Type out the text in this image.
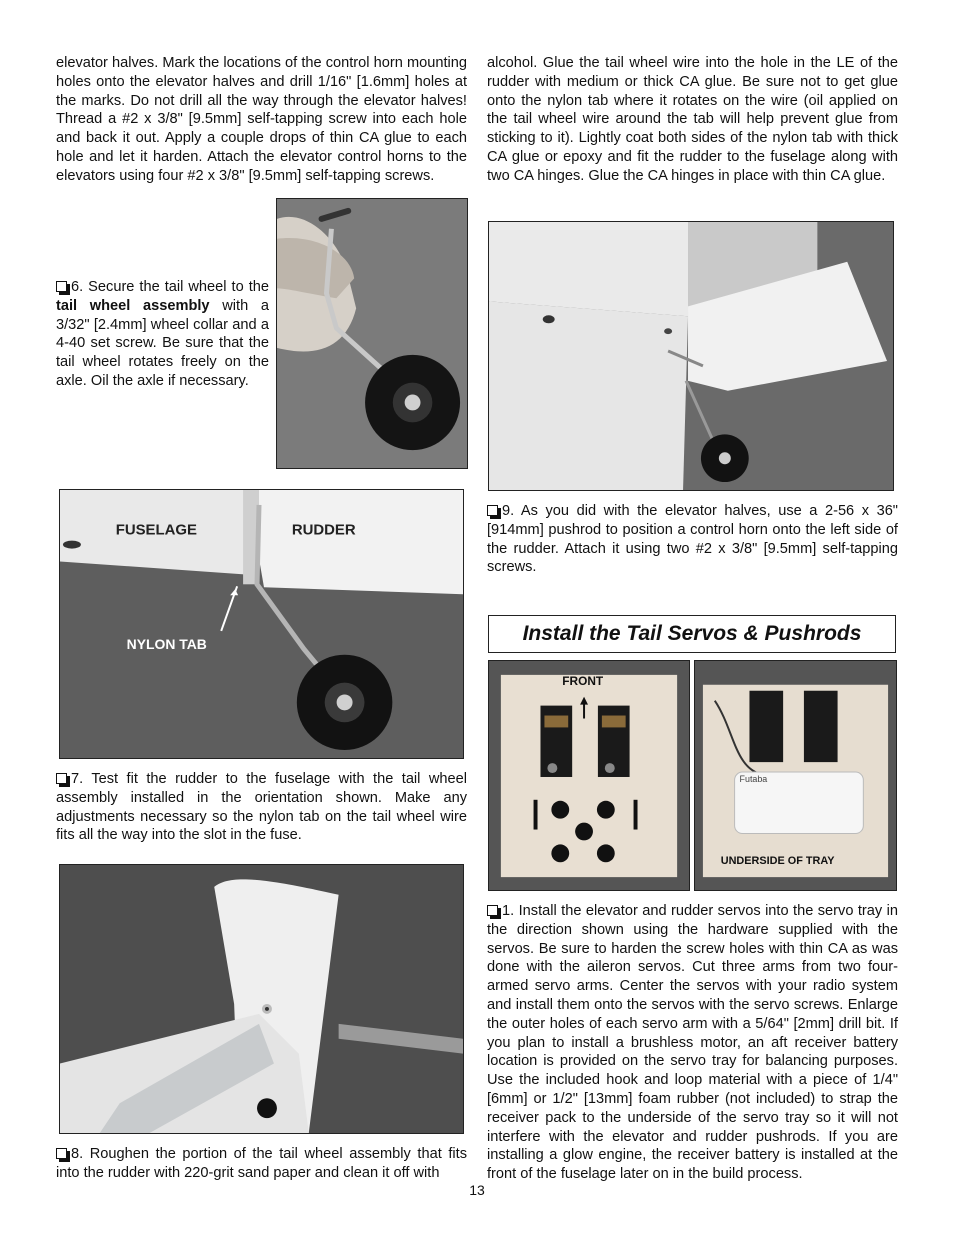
elevator halves. Mark the locations of the control horn mounting holes onto the elevator halves and drill 1/16" [1.6mm] holes at the marks. Do not drill all the way through the elevator halves! Thread a #2 x 3/8" [9.5mm] self-tapping screw into each hole and back it out. Apply a couple drops of thin CA glue to each hole and let it harden. Attach the elevator control horns to the elevators using four #2 x 3/8" [9.5mm] self-tapping screws.

6. Secure the tail wheel to the tail wheel assembly with a 3/32" [2.4mm] wheel collar and a 4-40 set screw. Be sure that the tail wheel rotates freely on the axle. Oil the axle if necessary.

FUSELAGE	RUDDER
NYLON TAB

7. Test fit the rudder to the fuselage with the tail wheel assembly installed in the orientation shown. Make any adjustments necessary so the nylon tab on the tail wheel wire fits all the way into the slot in the fuse.

8. Roughen the portion of the tail wheel assembly that fits into the rudder with 220-grit sand paper and clean it off with

alcohol. Glue the tail wheel wire into the hole in the LE of the rudder with medium or thick CA glue. Be sure not to get glue onto the nylon tab where it rotates on the wire (oil applied on the tail wheel wire around the tab will help prevent glue from sticking to it). Lightly coat both sides of the nylon tab with thick CA glue or epoxy and fit the rudder to the fuselage along with two CA hinges. Glue the CA hinges in place with thin CA glue.

9. As you did with the elevator halves, use a 2-56 x 36" [914mm] pushrod to position a control horn onto the left side of the rudder. Attach it using two #2 x 3/8" [9.5mm] self-tapping screws.

Install the Tail Servos & Pushrods
FRONT
Futaba
UNDERSIDE OF TRAY

1. Install the elevator and rudder servos into the servo tray in the direction shown using the hardware supplied with the servos. Be sure to harden the screw holes with thin CA as was done with the aileron servos. Cut three arms from two four-armed servo arms. Center the servos with your radio system and install them onto the servos with the servo screws. Enlarge the outer holes of each servo arm with a 5/64" [2mm] drill bit. If you plan to install a brushless motor, an aft receiver battery location is provided on the servo tray for balancing purposes. Use the included hook and loop material with a piece of 1/4" [6mm] or 1/2" [13mm] foam rubber (not included) to strap the receiver pack to the underside of the servo tray so it will not interfere with the elevator and rudder pushrods. If you are installing a glow engine, the receiver battery is installed at the front of the fuselage later on in the build process.

13
